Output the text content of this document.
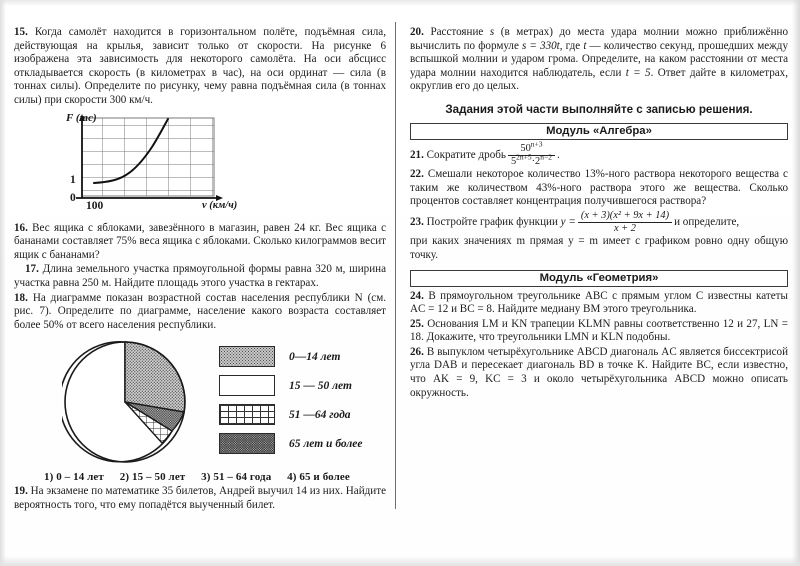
15. Когда самолёт находится в горизонтальном полёте, подъёмная сила, действующая на крылья, зависит только от скорости. На рисунке 6 изображена эта зависимость для некоторого самолёта. На оси абсцисс откладывается скорость (в километрах в час), на оси ординат — сила (в тоннах силы). Определите по рисунку, чему равна подъёмная сила (в тоннах силы) при скорости 300 км/ч.

F (mc)
v (км/ч)
0
1
100

16. Вес ящика с яблоками, завезённого в магазин, равен 24 кг. Вес ящика с бананами составляет 75% веса ящика с яблоками. Сколько килограммов весит ящик с бананами?

17. Длина земельного участка прямоугольной формы равна 320 м, ширина участка равна 250 м. Найдите площадь этого участка в гектарах.

18. На диаграмме показан возрастной состав населения республики N (см. рис. 7). Определите по диаграмме, население какого возраста составляет более 50% от всего населения республики.

0—14 лет
15 — 50 лет
51 —64 года
65 лет и более
1) 0 – 14 лет 2) 15 – 50 лет 3) 51 – 64 года 4) 65 и более

19. На экзамене по математике 35 билетов, Андрей выучил 14 из них. Найдите вероятность того, что ему попадётся выученный билет.

20. Расстояние s (в метрах) до места удара молнии можно приближённо вычислить по формуле s = 330t, где t — количество секунд, прошедших между вспышкой молнии и ударом грома. Определите, на каком расстоянии от места удара молнии находится наблюдатель, если t = 5. Ответ дайте в километрах, округлив его до целых.

Задания этой части выполняйте с записью решения.
Модуль «Алгебра»

21. Сократите дробь $\frac{50^{n+3}}{5^{2n+5}\cdot 2^{n-2}}$ .

22. Смешали некоторое количество 13%-ного раствора некоторого вещества с таким же количеством 43%-ного раствора этого же вещества. Сколько процентов составляет концентрация получившегося раствора?

23. Постройте график функции $y = \frac{\text{(x + 3)(x² + 9x + 14)}}{x + 2}$ и определите,

при каких значениях m прямая y = m имеет с графиком ровно одну общую точку.

Модуль «Геометрия»

24. В прямоугольном треугольнике ABC с прямым углом C известны катеты AC = 12 и BC = 8. Найдите медиану BM этого треугольника.

25. Основания LM и KN трапеции KLMN равны соответственно 12 и 27, LN = 18. Докажите, что треугольники LMN и KLN подобны.

26. В выпуклом четырёхугольнике ABCD диагональ AC является биссектрисой угла DAB и пересекает диагональ BD в точке K. Найдите BC, если известно, что AK = 9, KC = 3 и около четырёхугольника ABCD можно описать окружность.
